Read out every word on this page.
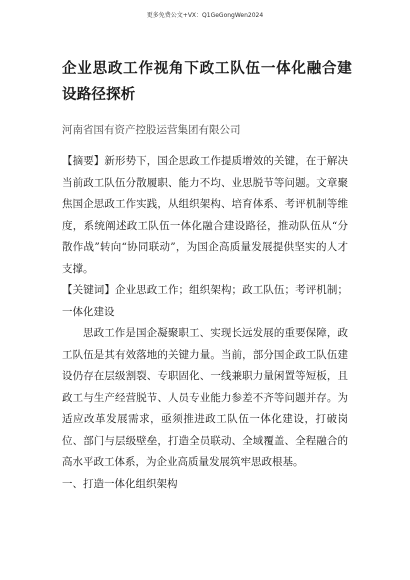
更多免费公文+VX：Q1GeGongWen2024
企业思政工作视角下政工队伍一体化融合建设路径探析
河南省国有资产控股运营集团有限公司

【摘要】新形势下，国企思政工作提质增效的关键，在于解决当前政工队伍分散履职、能力不均、业思脱节等问题。文章聚焦国企思政工作实践，从组织架构、培育体系、考评机制等维度，系统阐述政工队伍一体化融合建设路径，推动队伍从“分散作战”转向“协同联动”，为国企高质量发展提供坚实的人才支撑。

【关键词】企业思政工作；组织架构；政工队伍；考评机制；一体化建设

思政工作是国企凝聚职工、实现长远发展的重要保障，政工队伍是其有效落地的关键力量。当前，部分国企政工队伍建设仍存在层级割裂、专职固化、一线兼职力量闲置等短板，且政工与生产经营脱节、人员专业能力参差不齐等问题并存。为适应改革发展需求，亟须推进政工队伍一体化建设，打破岗位、部门与层级壁垒，打造全员联动、全域覆盖、全程融合的高水平政工体系，为企业高质量发展筑牢思政根基。

一、打造一体化组织架构
